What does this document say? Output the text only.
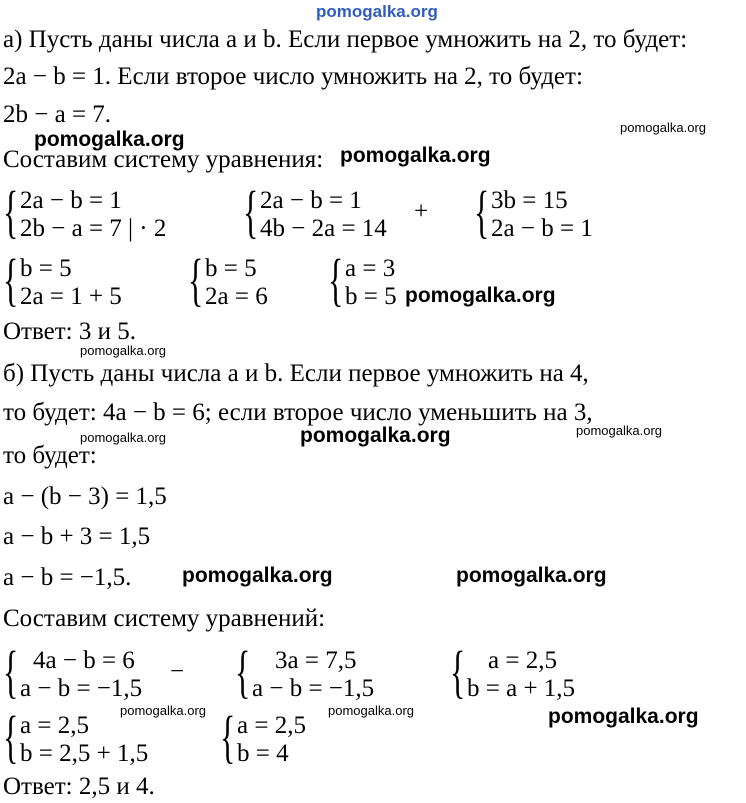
pomogalka.org
а) Пусть даны числа a и b. Если первое умножить на 2, то будет:
2a − b = 1. Если второе число умножить на 2, то будет:
2b − a = 7.
pomogalka.org
pomogalka.org
Составим систему уравнения: pomogalka.org
{ 2a − b = 1
2b − a = 7 | · 2 { 2a − b = 1
4b − 2a = 14
+ { 3b = 15
2a − b = 1
{ b = 5
2a = 1 + 5 { b = 5
2a = 6 { a = 3
b = 5 pomogalka.org
Ответ: 3 и 5.
pomogalka.org
б) Пусть даны числа a и b. Если первое умножить на 4,
то будет: 4a − b = 6; если второе число уменьшить на 3,
pomogalka.org	pomogalka.org	pomogalka.org
то будет:
a − (b − 3) = 1,5
a − b + 3 = 1,5
a − b = −1,5. pomogalka.org	pomogalka.org
Составим систему уравнений:
{ 4a − b = 6
a − b = −1,5
− { 3a = 7,5
a − b = −1,5 { a = 2,5
b = a + 1,5
pomogalka.org	pomogalka.org	pomogalka.org
{ a = 2,5
b = 2,5 + 1,5 { a = 2,5
b = 4
Ответ: 2,5 и 4.
